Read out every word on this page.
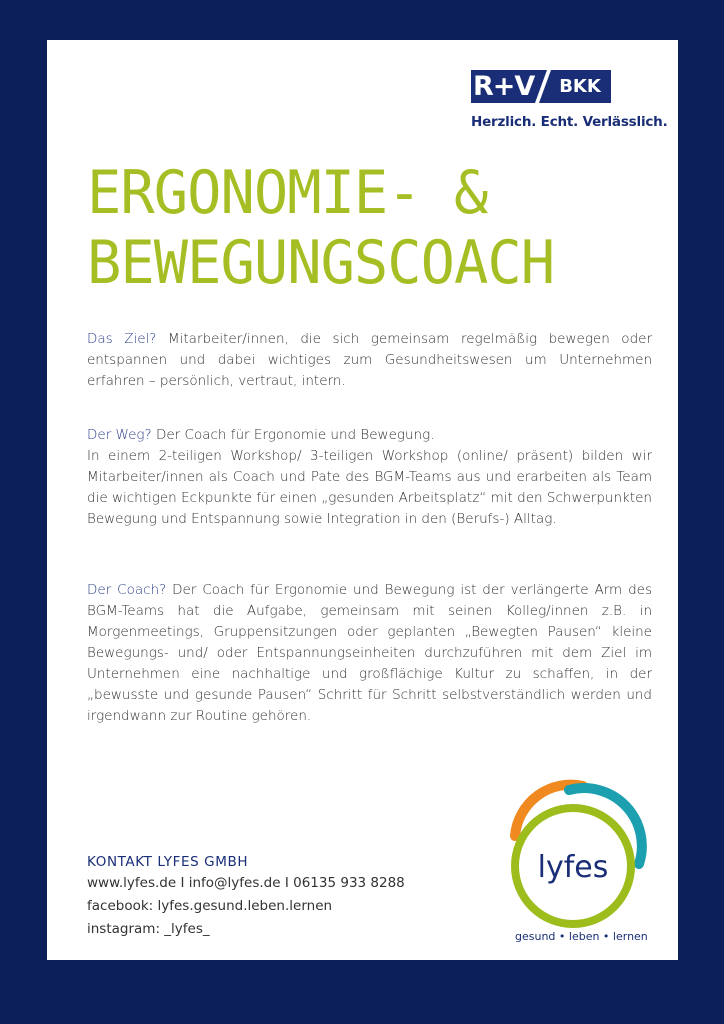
R+V	BKK
Herzlich. Echt. Verlässlich.
ERGONOMIE- &
BEWEGUNGSCOACH
Das Ziel? Mitarbeiter/innen, die sich gemeinsam regelmäßig bewegen oder entspannen und dabei wichtiges zum Gesundheitswesen um Unternehmen erfahren – persönlich, vertraut, intern.
Der Weg? Der Coach für Ergonomie und Bewegung.
In einem 2-teiligen Workshop/ 3-teiligen Workshop (online/ präsent) bilden wir Mitarbeiter/innen als Coach und Pate des BGM-Teams aus und erarbeiten als Team die wichtigen Eckpunkte für einen „gesunden Arbeitsplatz“ mit den Schwerpunkten Bewegung und Entspannung sowie Integration in den (Berufs-) Alltag.
Der Coach? Der Coach für Ergonomie und Bewegung ist der verlängerte Arm des BGM-Teams hat die Aufgabe, gemeinsam mit seinen Kolleg/innen z.B. in Morgenmeetings, Gruppensitzungen oder geplanten „Bewegten Pausen“ kleine Bewegungs- und/ oder Entspannungseinheiten durchzuführen mit dem Ziel im Unternehmen eine nachhaltige und großflächige Kultur zu schaffen, in der „bewusste und gesunde Pausen“ Schritt für Schritt selbstverständlich werden und irgendwann zur Routine gehören.
KONTAKT LYFES GMBH
www.lyfes.de I info@lyfes.de I 06135 933 8288
facebook: lyfes.gesund.leben.lernen
instagram: _lyfes_
lyfes
gesund • leben • lernen
